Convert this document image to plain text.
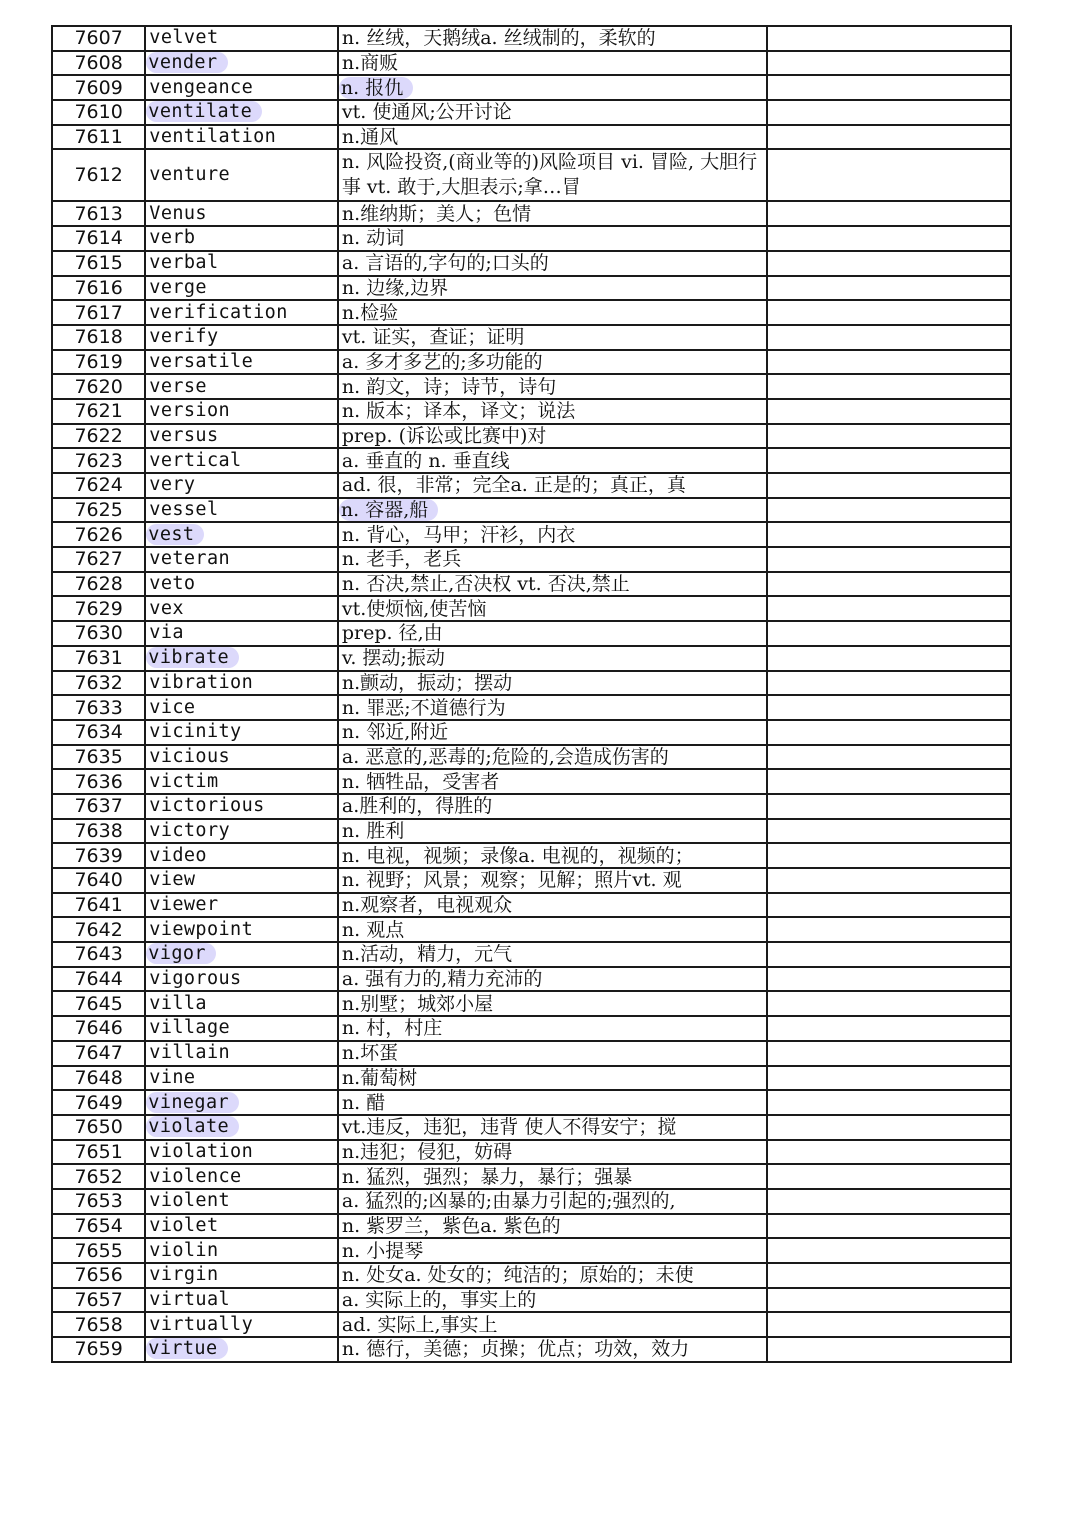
7607	velvet	n. 丝绒，天鹅绒a. 丝绒制的，柔软的	
7608	vender	n.商贩	
7609	vengeance	n. 报仇	
7610	ventilate	vt. 使通风;公开讨论	
7611	ventilation	n.通风	
7612	venture	n. 风险投资,(商业等的)风险项目 vi. 冒险, 大胆行事 vt. 敢于,大胆表示;拿…冒	
7613	Venus	n.维纳斯；美人；色情	
7614	verb	n. 动词	
7615	verbal	a. 言语的,字句的;口头的	
7616	verge	n. 边缘,边界	
7617	verification	n.检验	
7618	verify	vt. 证实，查证；证明	
7619	versatile	a. 多才多艺的;多功能的	
7620	verse	n. 韵文，诗；诗节，诗句	
7621	version	n. 版本；译本，译文；说法	
7622	versus	prep. (诉讼或比赛中)对	
7623	vertical	a. 垂直的 n. 垂直线	
7624	very	ad. 很，非常；完全a. 正是的；真正，真	
7625	vessel	n. 容器,船	
7626	vest	n. 背心，马甲；汗衫，内衣	
7627	veteran	n. 老手，老兵	
7628	veto	n. 否决,禁止,否决权 vt. 否决,禁止	
7629	vex	vt.使烦恼,使苦恼	
7630	via	prep. 径,由	
7631	vibrate	v. 摆动;振动	
7632	vibration	n.颤动，振动；摆动	
7633	vice	n. 罪恶;不道德行为	
7634	vicinity	n. 邻近,附近	
7635	vicious	a. 恶意的,恶毒的;危险的,会造成伤害的	
7636	victim	n. 牺牲品，受害者	
7637	victorious	a.胜利的，得胜的	
7638	victory	n. 胜利	
7639	video	n. 电视，视频；录像a. 电视的，视频的；	
7640	view	n. 视野；风景；观察；见解；照片vt. 观	
7641	viewer	n.观察者，电视观众	
7642	viewpoint	n. 观点	
7643	vigor	n.活动，精力，元气	
7644	vigorous	a. 强有力的,精力充沛的	
7645	villa	n.别墅；城郊小屋	
7646	village	n. 村，村庄	
7647	villain	n.坏蛋	
7648	vine	n.葡萄树	
7649	vinegar	n. 醋	
7650	violate	vt.违反，违犯，违背 使人不得安宁；搅	
7651	violation	n.违犯；侵犯，妨碍	
7652	violence	n. 猛烈，强烈；暴力，暴行；强暴	
7653	violent	a. 猛烈的;凶暴的;由暴力引起的;强烈的,	
7654	violet	n. 紫罗兰，紫色a. 紫色的	
7655	violin	n. 小提琴	
7656	virgin	n. 处女a. 处女的；纯洁的；原始的；未使	
7657	virtual	a. 实际上的，事实上的	
7658	virtually	ad. 实际上,事实上	
7659	virtue	n. 德行，美德；贞操；优点；功效，效力	
